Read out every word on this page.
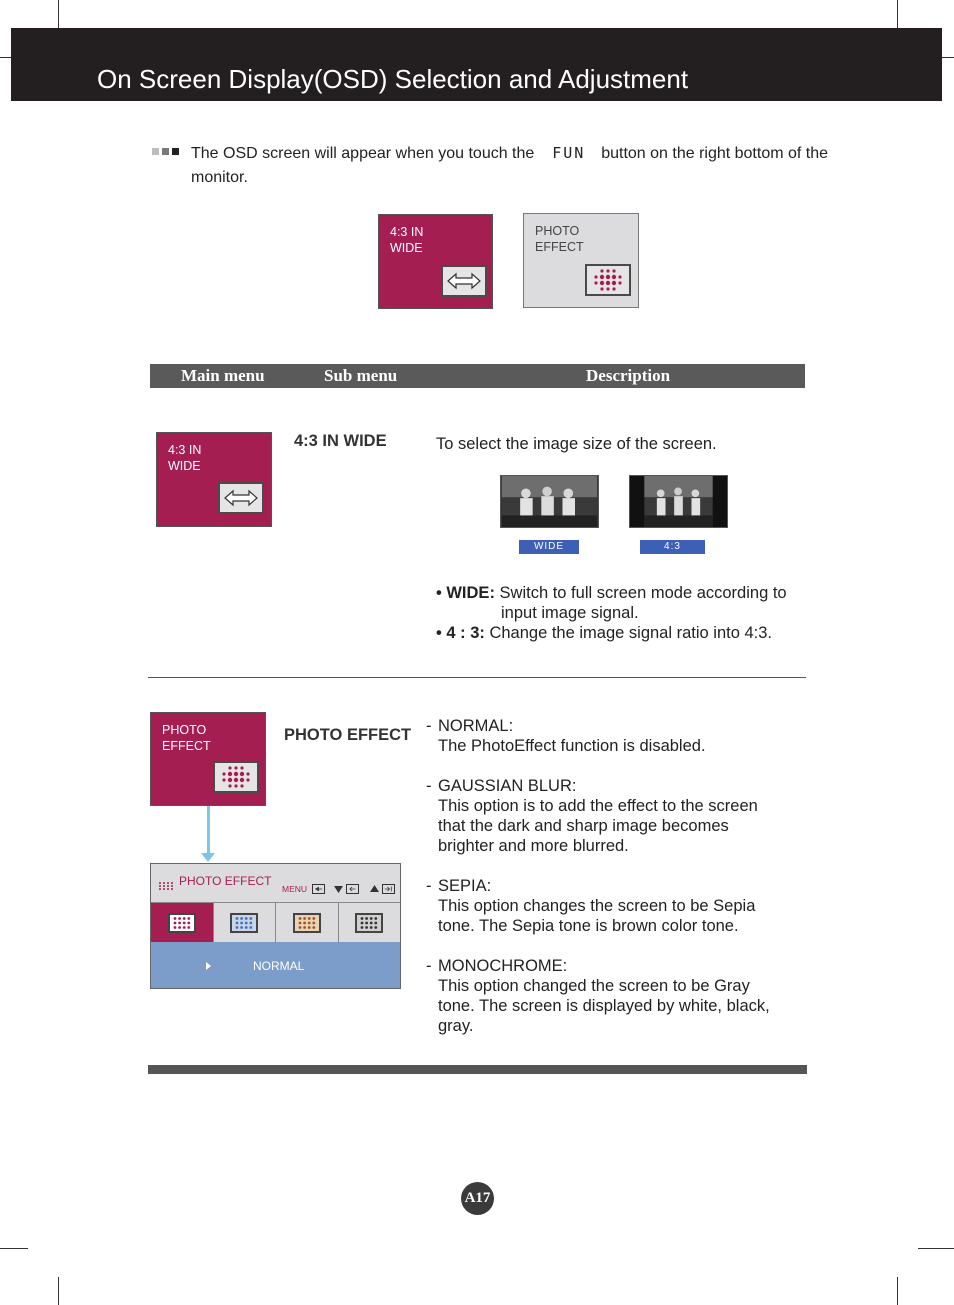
On Screen Display(OSD) Selection and Adjustment
The OSD screen will appear when you touch the FUN button on the right bottom of the monitor.
4:3 IN
WIDE
PHOTO
EFFECT
Main menu	Sub menu	Description
4:3 IN
WIDE
4:3 IN WIDE	To select the image size of the screen.
WIDE	4:3
• WIDE: Switch to full screen mode according to
input image signal.
• 4 : 3: Change the image signal ratio into 4:3.
PHOTO
EFFECT
PHOTO EFFECT
PHOTO EFFECT
MENU
NORMAL
- NORMAL:
The PhotoEffect function is disabled.
- GAUSSIAN BLUR:
This option is to add the effect to the screen
that the dark and sharp image becomes
brighter and more blurred.
- SEPIA:
This option changes the screen to be Sepia
tone. The Sepia tone is brown color tone.
- MONOCHROME:
This option changed the screen to be Gray
tone. The screen is displayed by white, black,
gray.
A17
